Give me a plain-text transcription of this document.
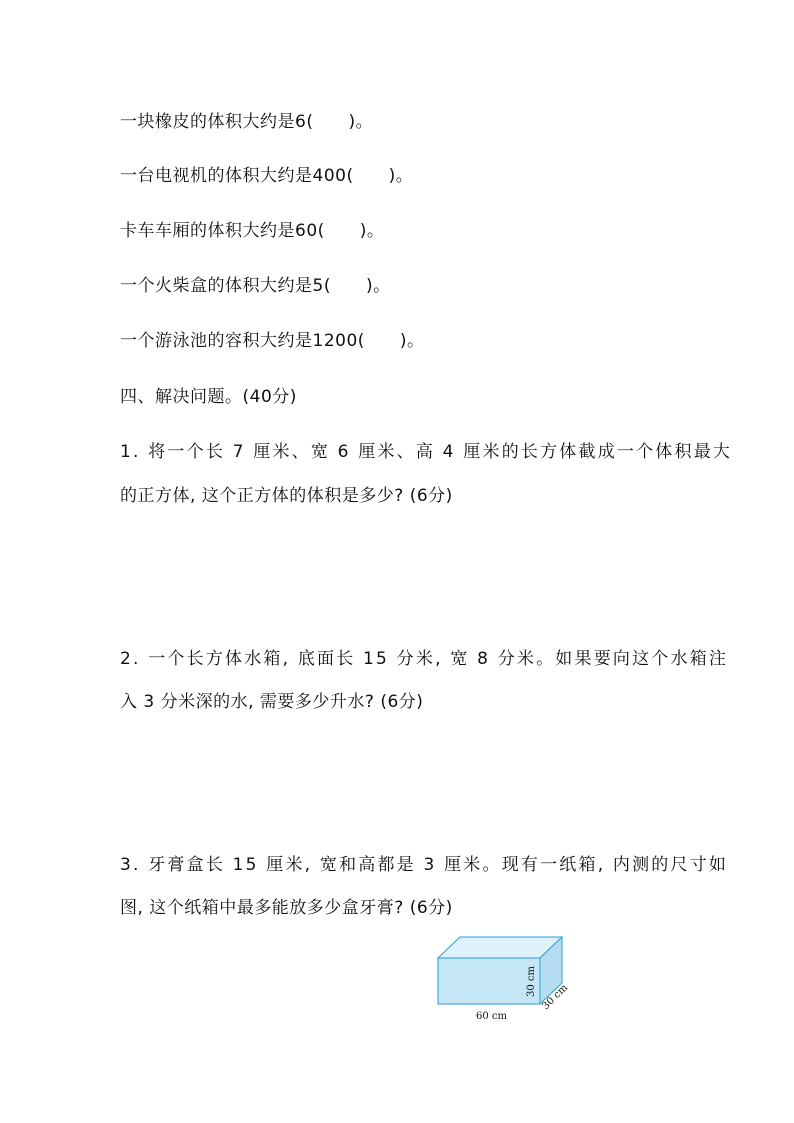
一块橡皮的体积大约是6(　　)。
一台电视机的体积大约是400(　　)。
卡车车厢的体积大约是60(　　)。
一个火柴盒的体积大约是5(　　)。
一个游泳池的容积大约是1200(　　)。
四、解决问题。(40分)
1. 将一个长 7 厘米、宽 6 厘米、高 4 厘米的长方体截成一个体积最大
的正方体, 这个正方体的体积是多少? (6分)
2. 一个长方体水箱, 底面长 15 分米, 宽 8 分米。如果要向这个水箱注
入 3 分米深的水, 需要多少升水? (6分)
3. 牙膏盒长 15 厘米, 宽和高都是 3 厘米。现有一纸箱, 内测的尺寸如
图, 这个纸箱中最多能放多少盒牙膏? (6分)
60 cm
30 cm
30 cm
